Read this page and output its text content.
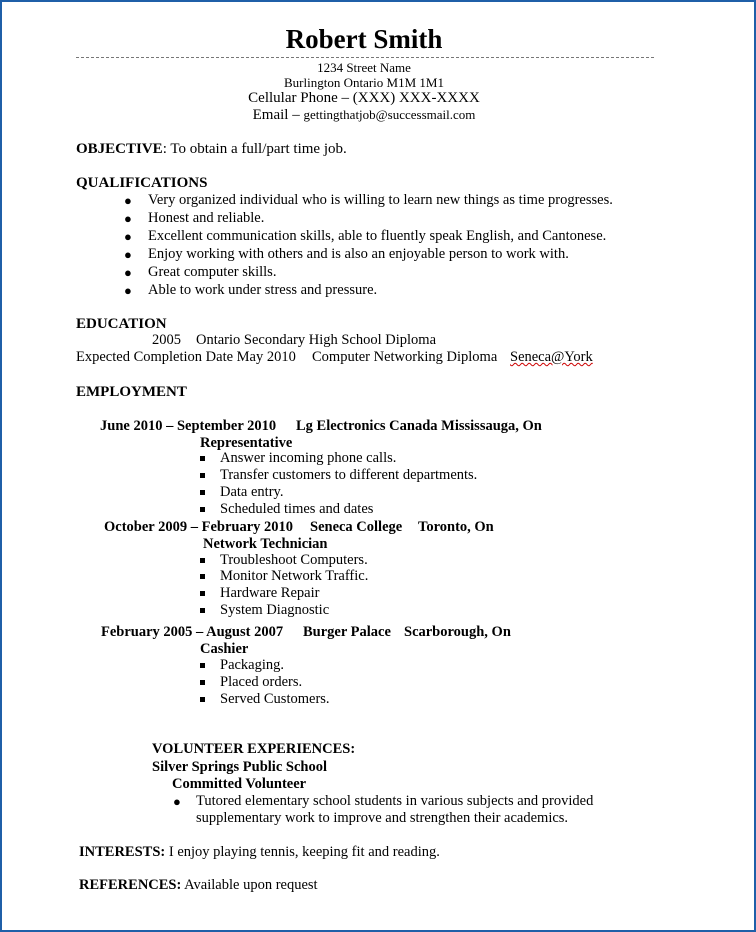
Robert Smith
1234 Street Name
Burlington Ontario M1M 1M1
Cellular Phone – (XXX) XXX-XXXX
Email – gettingthatjob@successmail.com
OBJECTIVE: To obtain a full/part time job.
QUALIFICATIONS
● Very organized individual who is willing to learn new things as time progresses.
● Honest and reliable.
● Excellent communication skills, able to fluently speak English, and Cantonese.
● Enjoy working with others and is also an enjoyable person to work with.
● Great computer skills.
● Able to work under stress and pressure.
EDUCATION
2005 Ontario Secondary High School Diploma
Expected Completion Date May 2010 Computer Networking Diploma Seneca@York
EMPLOYMENT
June 2010 – September 2010 Lg Electronics Canada Mississauga, On
Representative
Answer incoming phone calls.
Transfer customers to different departments.
Data entry.
Scheduled times and dates
October 2009 – February 2010 Seneca College Toronto, On
Network Technician
Troubleshoot Computers.
Monitor Network Traffic.
Hardware Repair
System Diagnostic
February 2005 – August 2007 Burger Palace Scarborough, On
Cashier
Packaging.
Placed orders.
Served Customers.
VOLUNTEER EXPERIENCES:
Silver Springs Public School
Committed Volunteer
● Tutored elementary school students in various subjects and provided
supplementary work to improve and strengthen their academics.
INTERESTS: I enjoy playing tennis, keeping fit and reading.
REFERENCES: Available upon request
